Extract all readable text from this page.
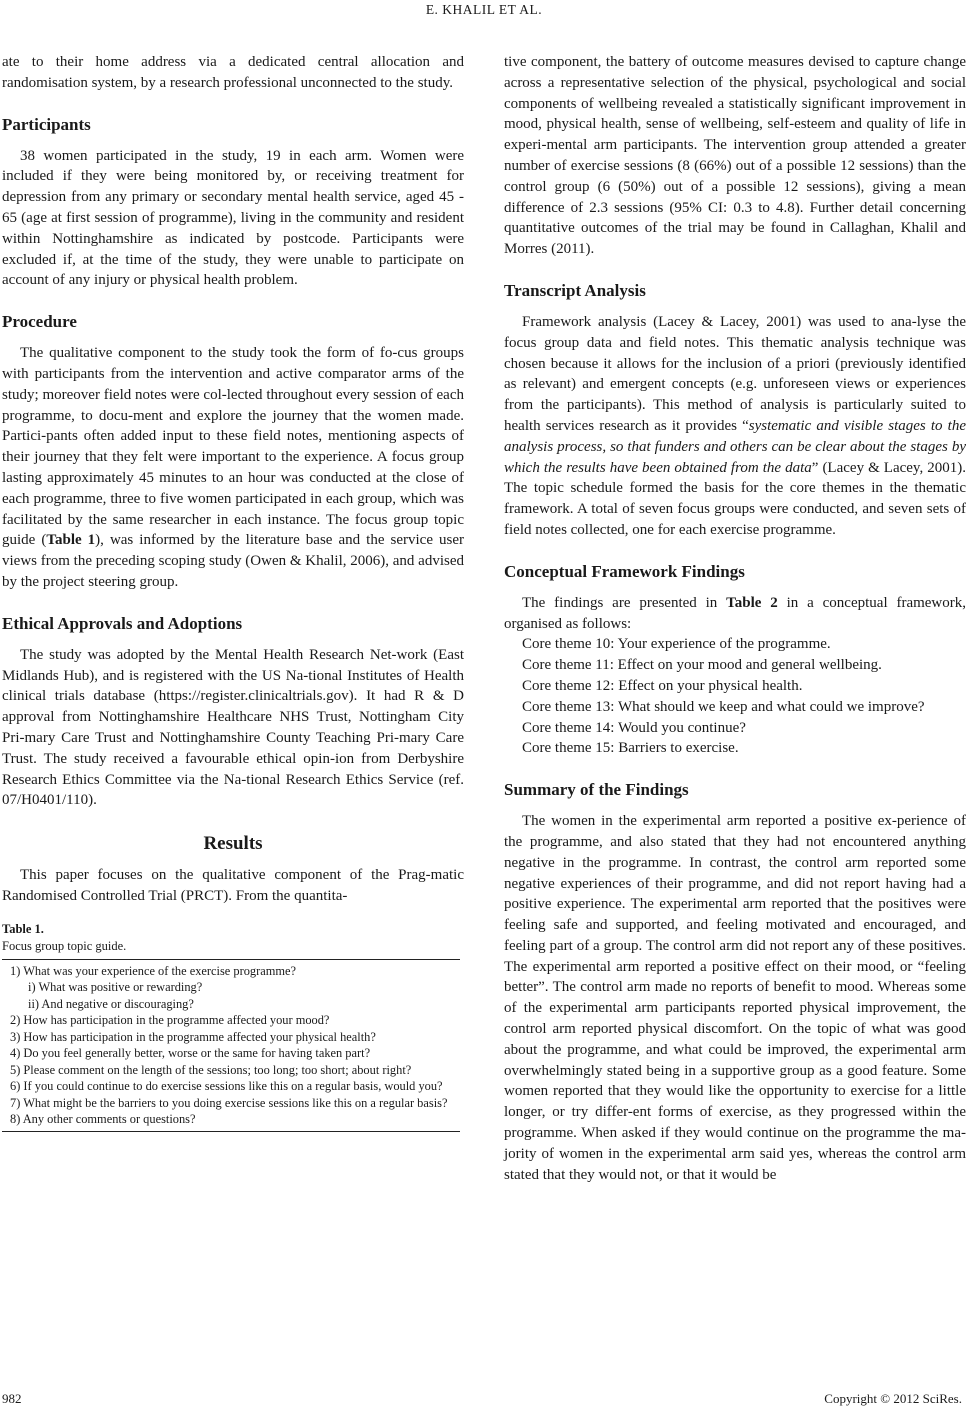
E. KHALIL ET AL.

ate to their home address via a dedicated central allocation and randomisation system, by a research professional unconnected to the study.

Participants

38 women participated in the study, 19 in each arm. Women were included if they were being monitored by, or receiving treatment for depression from any primary or secondary mental health service, aged 45 - 65 (age at first session of programme), living in the community and resident within Nottinghamshire as indicated by postcode. Participants were excluded if, at the time of the study, they were unable to participate on account of any injury or physical health problem.

Procedure

The qualitative component to the study took the form of fo-cus groups with participants from the intervention and active comparator arms of the study; moreover field notes were col-lected throughout every session of each programme, to docu-ment and explore the journey that the women made. Partici-pants often added input to these field notes, mentioning aspects of their journey that they felt were important to the experience. A focus group lasting approximately 45 minutes to an hour was conducted at the close of each programme, three to five women participated in each group, which was facilitated by the same researcher in each instance. The focus group topic guide (Table 1), was informed by the literature base and the service user views from the preceding scoping study (Owen & Khalil, 2006), and advised by the project steering group.

Ethical Approvals and Adoptions

The study was adopted by the Mental Health Research Net-work (East Midlands Hub), and is registered with the US Na-tional Institutes of Health clinical trials database (https://register.clinicaltrials.gov). It had R & D approval from Nottinghamshire Healthcare NHS Trust, Nottingham City Pri-mary Care Trust and Nottinghamshire County Teaching Pri-mary Care Trust. The study received a favourable ethical opin-ion from Derbyshire Research Ethics Committee via the Na-tional Research Ethics Service (ref. 07/H0401/110).

Results

This paper focuses on the qualitative component of the Prag-matic Randomised Controlled Trial (PRCT). From the quantita-

Table 1.
Focus group topic guide.
1) What was your experience of the exercise programme?
i) What was positive or rewarding?
ii) And negative or discouraging?
2) How has participation in the programme affected your mood?
3) How has participation in the programme affected your physical health?
4) Do you feel generally better, worse or the same for having taken part?
5) Please comment on the length of the sessions; too long; too short; about right?
6) If you could continue to do exercise sessions like this on a regular basis, would you?
7) What might be the barriers to you doing exercise sessions like this on a regular basis?
8) Any other comments or questions?

tive component, the battery of outcome measures devised to capture change across a representative selection of the physical, psychological and social components of wellbeing revealed a statistically significant improvement in mood, physical health, sense of wellbeing, self-esteem and quality of life in experi-mental arm participants. The intervention group attended a greater number of exercise sessions (8 (66%) out of a possible 12 sessions) than the control group (6 (50%) out of a possible 12 sessions), giving a mean difference of 2.3 sessions (95% CI: 0.3 to 4.8). Further detail concerning quantitative outcomes of the trial may be found in Callaghan, Khalil and Morres (2011).

Transcript Analysis

Framework analysis (Lacey & Lacey, 2001) was used to ana-lyse the focus group data and field notes. This thematic analysis technique was chosen because it allows for the inclusion of a priori (previously identified as relevant) and emergent concepts (e.g. unforeseen views or experiences from the participants). This method of analysis is particularly suited to health services research as it provides “systematic and visible stages to the analysis process, so that funders and others can be clear about the stages by which the results have been obtained from the data” (Lacey & Lacey, 2001). The topic schedule formed the basis for the core themes in the thematic framework. A total of seven focus groups were conducted, and seven sets of field notes collected, one for each exercise programme.

Conceptual Framework Findings

The findings are presented in Table 2 in a conceptual framework, organised as follows:

Core theme 10: Your experience of the programme.

Core theme 11: Effect on your mood and general wellbeing.

Core theme 12: Effect on your physical health.

Core theme 13: What should we keep and what could we improve?

Core theme 14: Would you continue?

Core theme 15: Barriers to exercise.

Summary of the Findings

The women in the experimental arm reported a positive ex-perience of the programme, and also stated that they had not encountered anything negative in the programme. In contrast, the control arm reported some negative experiences of their programme, and did not report having had a positive experience. The experimental arm reported that the positives were feeling safe and supported, and feeling motivated and encouraged, and feeling part of a group. The control arm did not report any of these positives. The experimental arm reported a positive effect on their mood, or “feeling better”. The control arm made no reports of benefit to mood. Whereas some of the experimental arm participants reported physical improvement, the control arm reported physical discomfort. On the topic of what was good about the programme, and what could be improved, the experimental arm overwhelmingly stated being in a supportive group as a good feature. Some women reported that they would like the opportunity to exercise for a little longer, or try differ-ent forms of exercise, as they progressed within the programme. When asked if they would continue on the programme the ma-jority of women in the experimental arm said yes, whereas the control arm stated that they would not, or that it would be

982	Copyright © 2012 SciRes.
